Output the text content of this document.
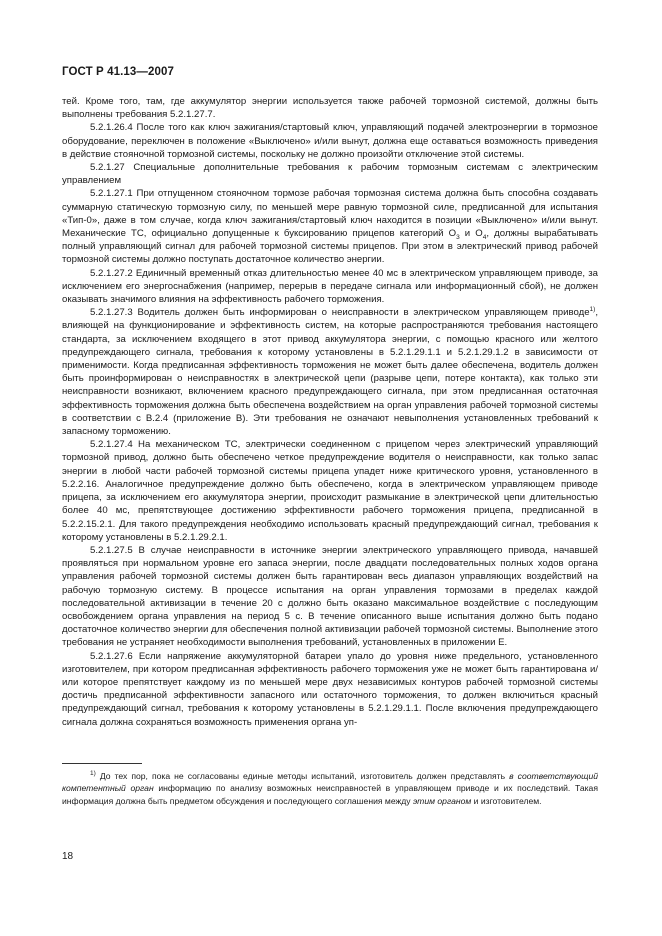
ГОСТ Р 41.13—2007

тей. Кроме того, там, где аккумулятор энергии используется также рабочей тормозной системой, должны быть выполнены требования 5.2.1.27.7.

5.2.1.26.4 После того как ключ зажигания/стартовый ключ, управляющий подачей электроэнергии в тормозное оборудование, переключен в положение «Выключено» и/или вынут, должна еще оставаться возможность приведения в действие стояночной тормозной системы, поскольку не должно произойти отключение этой системы.

5.2.1.27 Специальные дополнительные требования к рабочим тормозным системам с электрическим управлением

5.2.1.27.1 При отпущенном стояночном тормозе рабочая тормозная система должна быть способна создавать суммарную статическую тормозную силу, по меньшей мере равную тормозной силе, предписанной для испытания «Тип-0», даже в том случае, когда ключ зажигания/стартовый ключ находится в позиции «Выключено» и/или вынут. Механические ТС, официально допущенные к буксированию прицепов категорий $O_3$ и $O_4$, должны вырабатывать полный управляющий сигнал для рабочей тормозной системы прицепов. При этом в электрический привод рабочей тормозной системы должно поступать достаточное количество энергии.

5.2.1.27.2 Единичный временный отказ длительностью менее 40 мс в электрическом управляющем приводе, за исключением его энергоснабжения (например, перерыв в передаче сигнала или информационный сбой), не должен оказывать значимого влияния на эффективность рабочего торможения.

5.2.1.27.3 Водитель должен быть информирован о неисправности в электрическом управляющем приводе$^{1)}$, влияющей на функционирование и эффективность систем, на которые распространяются требования настоящего стандарта, за исключением входящего в этот привод аккумулятора энергии, с помощью красного или желтого предупреждающего сигнала, требования к которому установлены в 5.2.1.29.1.1 и 5.2.1.29.1.2 в зависимости от применимости. Когда предписанная эффективность торможения не может быть далее обеспечена, водитель должен быть проинформирован о неисправностях в электрической цепи (разрыве цепи, потере контакта), как только эти неисправности возникают, включением красного предупреждающего сигнала, при этом предписанная остаточная эффективность торможения должна быть обеспечена воздействием на орган управления рабочей тормозной системы в соответствии с В.2.4 (приложение В). Эти требования не означают невыполнения установленных требований к запасному торможению.

5.2.1.27.4 На механическом ТС, электрически соединенном с прицепом через электрический управляющий тормозной привод, должно быть обеспечено четкое предупреждение водителя о неисправности, как только запас энергии в любой части рабочей тормозной системы прицепа упадет ниже критического уровня, установленного в 5.2.2.16. Аналогичное предупреждение должно быть обеспечено, когда в электрическом управляющем приводе прицепа, за исключением его аккумулятора энергии, происходит размыкание в электрической цепи длительностью более 40 мс, препятствующее достижению эффективности рабочего торможения прицепа, предписанной в 5.2.2.15.2.1. Для такого предупреждения необходимо использовать красный предупреждающий сигнал, требования к которому установлены в 5.2.1.29.2.1.

5.2.1.27.5 В случае неисправности в источнике энергии электрического управляющего привода, начавшей проявляться при нормальном уровне его запаса энергии, после двадцати последовательных полных ходов органа управления рабочей тормозной системы должен быть гарантирован весь диапазон управляющих воздействий на рабочую тормозную систему. В процессе испытания на орган управления тормозами в пределах каждой последовательной активизации в течение 20 с должно быть оказано максимальное воздействие с последующим освобождением органа управления на период 5 с. В течение описанного выше испытания должно быть подано достаточное количество энергии для обеспечения полной активизации рабочей тормозной системы. Выполнение этого требования не устраняет необходимости выполнения требований, установленных в приложении Е.

5.2.1.27.6 Если напряжение аккумуляторной батареи упало до уровня ниже предельного, установленного изготовителем, при котором предписанная эффективность рабочего торможения уже не может быть гарантирована и/или которое препятствует каждому из по меньшей мере двух независимых контуров рабочей тормозной системы достичь предписанной эффективности запасного или остаточного торможения, то должен включиться красный предупреждающий сигнал, требования к которому установлены в 5.2.1.29.1.1. После включения предупреждающего сигнала должна сохраняться возможность применения органа уп-

$^{1)}$ До тех пор, пока не согласованы единые методы испытаний, изготовитель должен представлять в соответствующий компетентный орган информацию по анализу возможных неисправностей в управляющем приводе и их последствий. Такая информация должна быть предметом обсуждения и последующего соглашения между этим органом и изготовителем.

18
